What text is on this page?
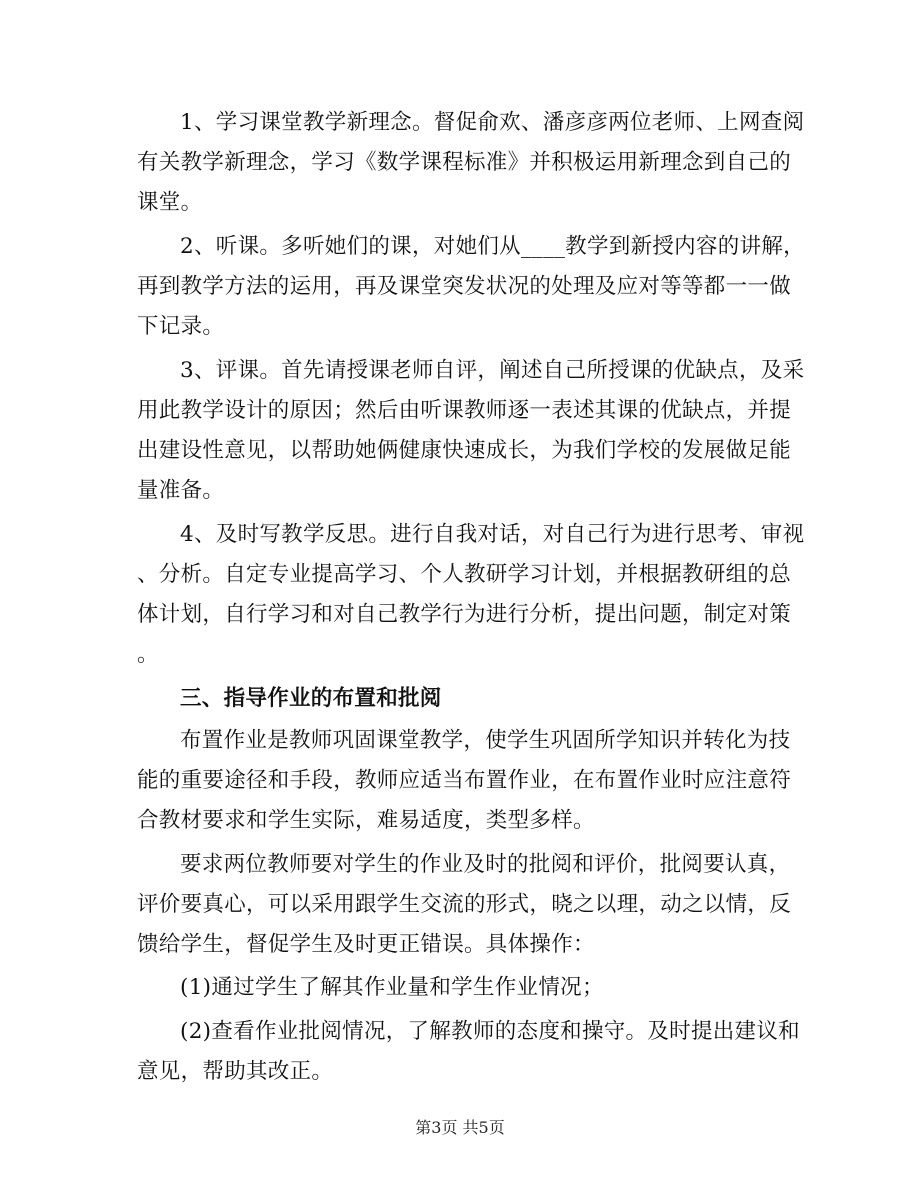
1、学习课堂教学新理念。督促俞欢、潘彦彦两位老师、上网查阅
有关教学新理念，学习《数学课程标准》并积极运用新理念到自己的
课堂。
2、听课。多听她们的课，对她们从____教学到新授内容的讲解，
再到教学方法的运用，再及课堂突发状况的处理及应对等等都一一做
下记录。
3、评课。首先请授课老师自评，阐述自己所授课的优缺点，及采
用此教学设计的原因；然后由听课教师逐一表述其课的优缺点，并提
出建设性意见，以帮助她俩健康快速成长，为我们学校的发展做足能
量准备。
4、及时写教学反思。进行自我对话，对自己行为进行思考、审视
、分析。自定专业提高学习、个人教研学习计划，并根据教研组的总
体计划，自行学习和对自己教学行为进行分析，提出问题，制定对策
。
三、指导作业的布置和批阅
布置作业是教师巩固课堂教学，使学生巩固所学知识并转化为技
能的重要途径和手段，教师应适当布置作业，在布置作业时应注意符
合教材要求和学生实际，难易适度，类型多样。
要求两位教师要对学生的作业及时的批阅和评价，批阅要认真，
评价要真心，可以采用跟学生交流的形式，晓之以理，动之以情，反
馈给学生，督促学生及时更正错误。具体操作：
(1)通过学生了解其作业量和学生作业情况；
(2)查看作业批阅情况，了解教师的态度和操守。及时提出建议和
意见，帮助其改正。
第3页 共5页
